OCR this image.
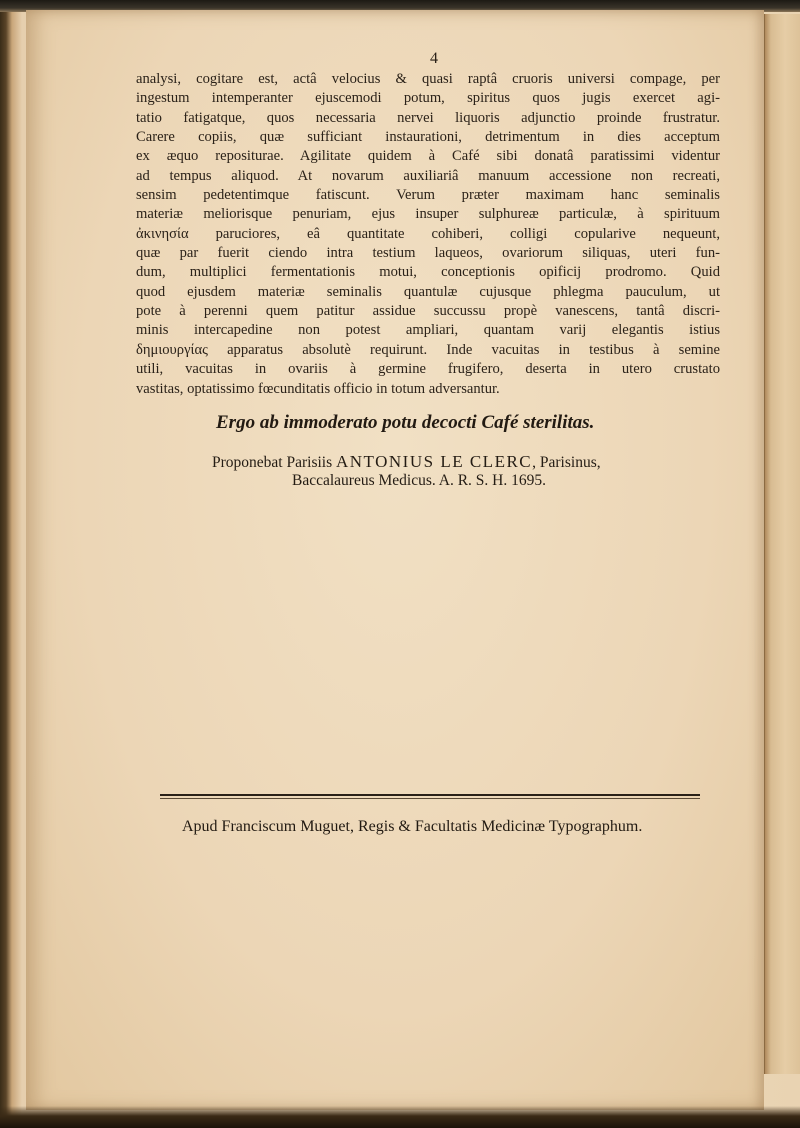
4
analysi, cogitare est, actâ velocius & quasi raptâ cruoris universi compage, per
ingestum intemperanter ejuscemodi potum, spiritus quos jugis exercet agi-
tatio fatigatque, quos necessaria nervei liquoris adjunctio proinde frustratur.
Carere copiis, quæ sufficiant instaurationi, detrimentum in dies acceptum
ex æquo repositurae. Agilitate quidem à Café sibi donatâ paratissimi videntur
ad tempus aliquod. At novarum auxiliariâ manuum accessione non recreati,
sensim pedetentimque fatiscunt. Verum præter maximam hanc seminalis
materiæ meliorisque penuriam, ejus insuper sulphureæ particulæ, à spirituum
ἀκινησία paruciores, eâ quantitate cohiberi, colligi copularive nequeunt,
quæ par fuerit ciendo intra testium laqueos, ovariorum siliquas, uteri fun-
dum, multiplici fermentationis motui, conceptionis opificij prodromo. Quid
quod ejusdem materiæ seminalis quantulæ cujusque phlegma pauculum, ut
pote à perenni quem patitur assidue succussu propè vanescens, tantâ discri-
minis intercapedine non potest ampliari, quantam varij elegantis istius
δημιουργίας apparatus absolutè requirunt. Inde vacuitas in testibus à semine
utili, vacuitas in ovariis à germine frugifero, deserta in utero crustato
vastitas, optatissimo fœcunditatis officio in totum adversantur.
Ergo ab immoderato potu decocti Café sterilitas.
Proponebat Parisiis ANTONIUS LE CLERC, Parisinus,
Baccalaureus Medicus. A. R. S. H. 1695.
Apud Franciscum Muguet, Regis & Facultatis Medicinæ Typographum.
